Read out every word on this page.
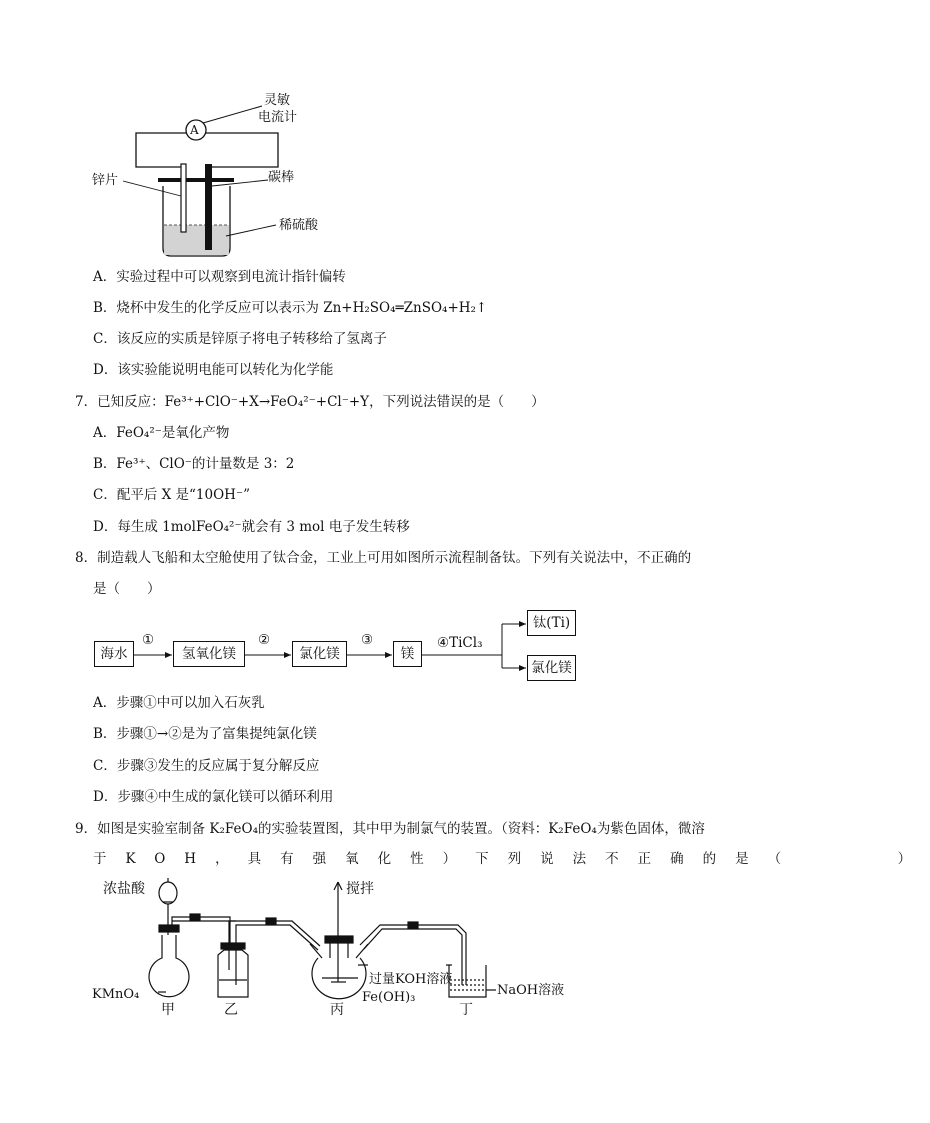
A
灵敏
电流计
锌片	碳棒
稀硫酸
A．实验过程中可以观察到电流计指针偏转
B．烧杯中发生的化学反应可以表示为 Zn+H₂SO₄═ZnSO₄+H₂↑
C．该反应的实质是锌原子将电子转移给了氢离子
D．该实验能说明电能可以转化为化学能
7．已知反应：Fe³⁺+ClO⁻+X→FeO₄²⁻+Cl⁻+Y，下列说法错误的是（　　）
A．FeO₄²⁻是氧化产物
B．Fe³⁺、ClO⁻的计量数是 3：2
C．配平后 X 是“10OH⁻”
D．每生成 1molFeO₄²⁻就会有 3 mol 电子发生转移
8．制造载人飞船和太空舱使用了钛合金，工业上可用如图所示流程制备钛。下列有关说法中，不正确的
是（　　）
海水	氢氧化镁	氯化镁	镁
钛(Ti)
氯化镁
①	②	③	④TiCl₃
A．步骤①中可以加入石灰乳
B．步骤①→②是为了富集提纯氯化镁
C．步骤③发生的反应属于复分解反应
D．步骤④中生成的氯化镁可以循环利用
9．如图是实验室制备 K₂FeO₄的实验装置图，其中甲为制氯气的装置。（资料：K₂FeO₄为紫色固体，微溶
于KOH，具有强氧化性）下列说法不正确的是（　　　）
浓盐酸
KMnO₄
甲	乙
搅拌
过量KOH溶液
Fe(OH)₃
丙	丁
NaOH溶液
